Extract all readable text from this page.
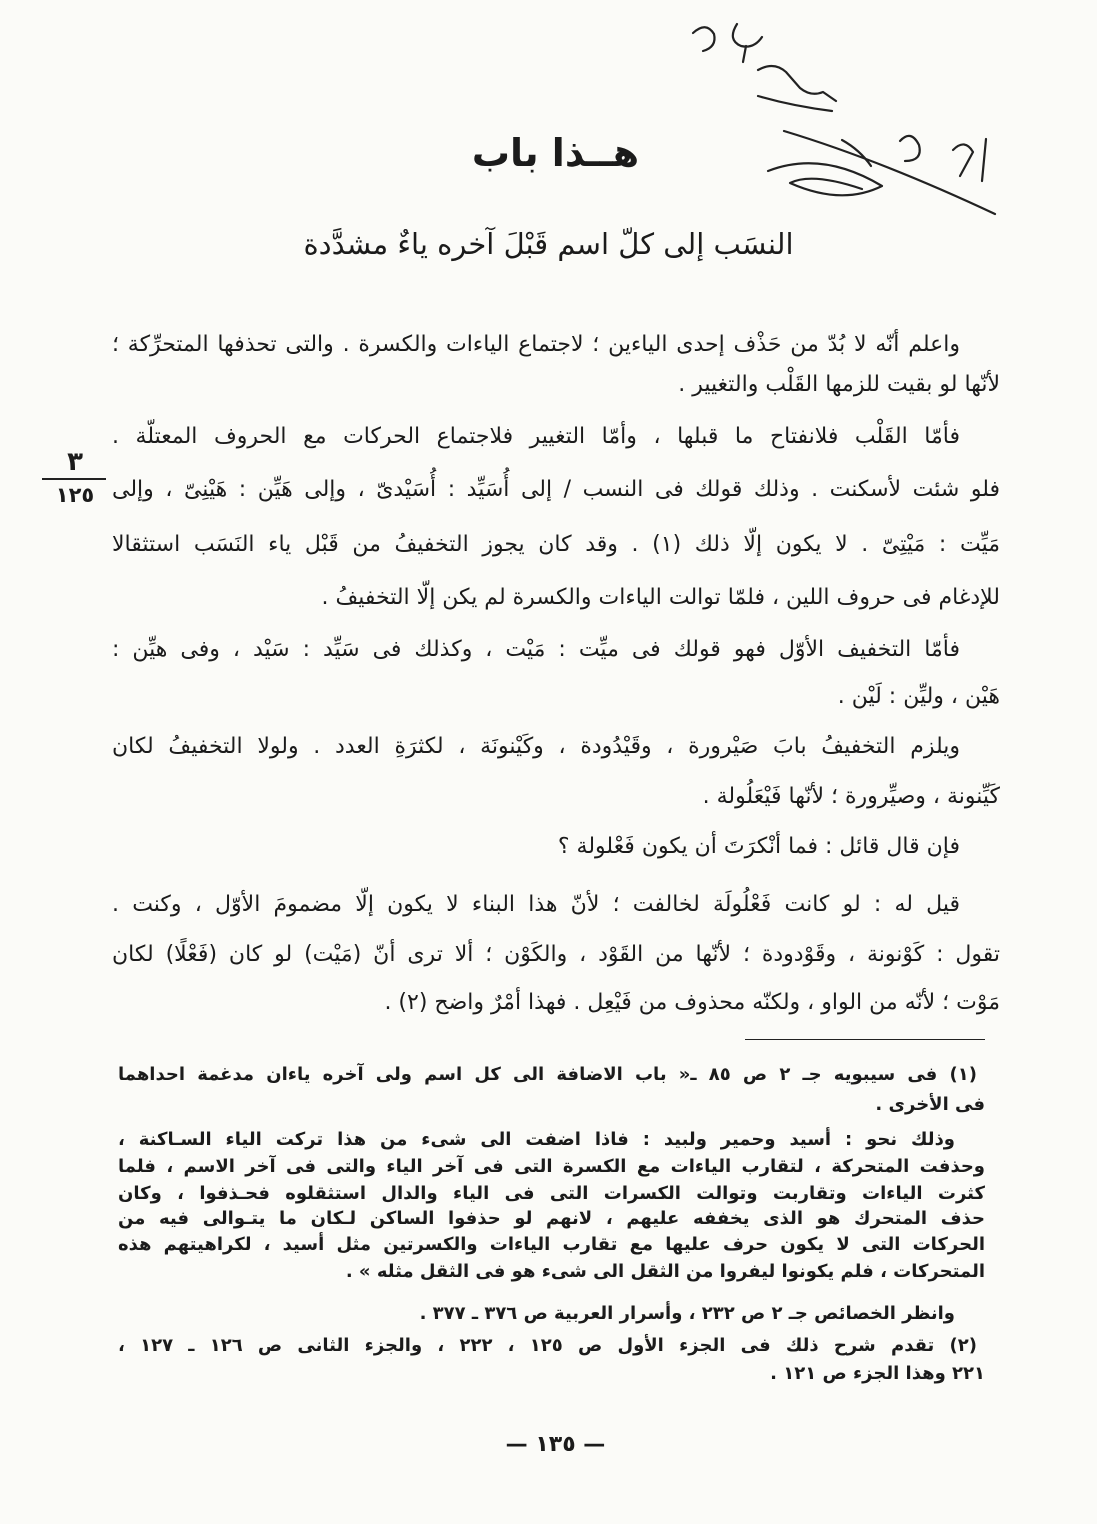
هــذا باب
النسَب إلى كلّ اسم قَبْلَ آخره ياءٌ مشدَّدة
واعلم أنّه لا بُدّ من حَذْف إحدى الياءين ؛ لاجتماع الياءات والكسرة . والتى تحذفها المتحرِّكة ؛
لأنّها لو بقيت للزمها القَلْب والتغيير .
فأمّا القَلْب فلانفتاح ما قبلها ، وأمّا التغيير فلاجتماع الحركات مع الحروف المعتلّة .
فلو شئت لأسكنت . وذلك قولك فى النسب / إلى أُسَيِّد : أُسَيْدىّ ، وإلى هَيِّن : هَيْنِىّ ، وإلى
مَيِّت : مَيْتِىّ . لا يكون إلّا ذلك (١) . وقد كان يجوز التخفيفُ من قَبْل ياء النَسَب استثقالا
للإدغام فى حروف اللين ، فلمّا توالت الياءات والكسرة لم يكن إلّا التخفيفُ .
فأمّا التخفيف الأوّل فهو قولك فى ميِّت : مَيْت ، وكذلك فى سَيِّد : سَيْد ، وفى هيِّن :
هَيْن ، وليِّن : لَيْن .
ويلزم التخفيفُ بابَ صَيْرورة ، وقَيْدُودة ، وكَيْنونَة ، لكثرَةِ العدد . ولولا التخفيفُ لكان
كَيِّنونة ، وصيِّرورة ؛ لأنّها فَيْعَلُولة .
فإن قال قائل : فما أنْكرَتَ أن يكون فَعْلولة ؟
قيل له : لو كانت فَعْلُولَة لخالفت ؛ لأنّ هذا البناء لا يكون إلّا مضمومَ الأوّل ، وكنت .
تقول : كَوْنونة ، وقَوْدودة ؛ لأنّها من القَوْد ، والكَوْن ؛ ألا ترى أنّ (مَيْت) لو كان (فَعْلًا) لكان
مَوْت ؛ لأنّه من الواو ، ولكنّه محذوف من فَيْعِل . فهذا أمْرٌ واضح (٢) .
٣
١٢٥
(١) فى سيبويه جـ ٢ ص ٨٥ ـ« باب الاضافة الى كل اسم ولى آخره ياءان مدغمة احداهما
فى الأخرى .
وذلك نحو : أسيد وحمير ولبيد : فاذا اضفت الى شىء من هذا تركت الياء السـاكنة ،
وحذفت المتحركة ، لتقارب الياءات مع الكسرة التى فى آخر الياء والتى فى آخر الاسم ، فلما
كثرت الياءات وتقاربت وتوالت الكسرات التى فى الياء والدال استثقلوه فحـذفوا ، وكان
حذف المتحرك هو الذى يخففه عليهم ، لانهم لو حذفوا الساكن لـكان ما يتـوالى فيه من
الحركات التى لا يكون حرف عليها مع تقارب الياءات والكسرتين مثل أسيد ، لكراهيتهم هذه
المتحركات ، فلم يكونوا ليفروا من الثقل الى شىء هو فى الثقل مثله » .
وانظر الخصائص جـ ٢ ص ٢٣٢ ، وأسرار العربية ص ٣٧٦ ـ ٣٧٧ .
(٢) تقدم شرح ذلك فى الجزء الأول ص ١٢٥ ، ٢٢٢ ، والجزء الثانى ص ١٢٦ ـ ١٢٧ ،
٢٢١ وهذا الجزء ص ١٢١ .
— ١٣٥ —
